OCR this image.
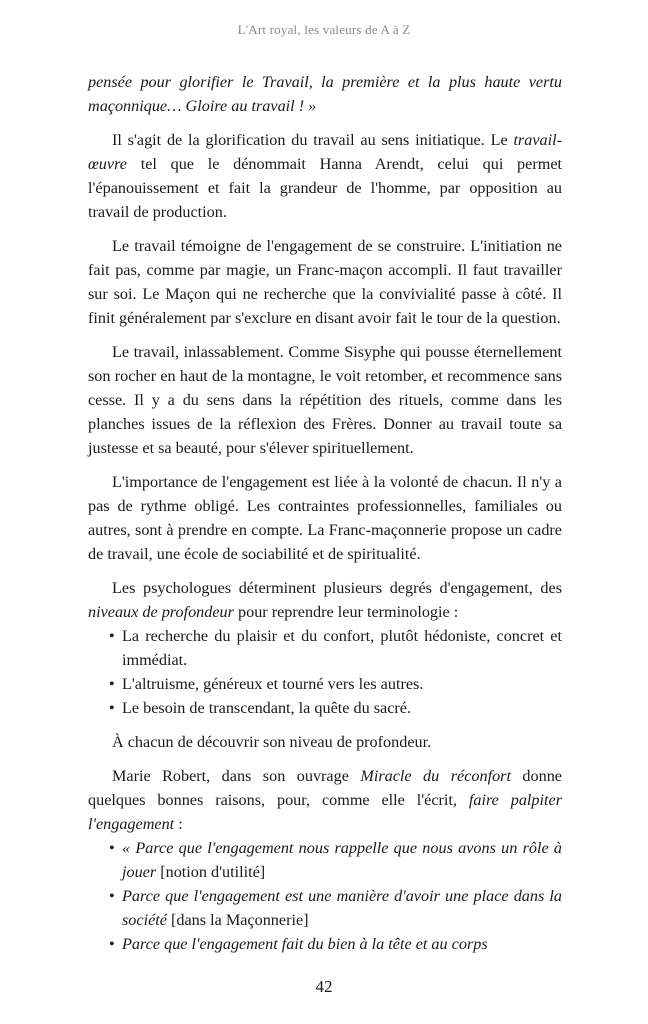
L'Art royal, les valeurs de A à Z

pensée pour glorifier le Travail, la première et la plus haute vertu maçonnique… Gloire au travail ! »

Il s'agit de la glorification du travail au sens initiatique. Le travail-œuvre tel que le dénommait Hanna Arendt, celui qui permet l'épanouissement et fait la grandeur de l'homme, par opposition au travail de production.

Le travail témoigne de l'engagement de se construire. L'initiation ne fait pas, comme par magie, un Franc-maçon accompli. Il faut travailler sur soi. Le Maçon qui ne recherche que la convivialité passe à côté. Il finit généralement par s'exclure en disant avoir fait le tour de la question.

Le travail, inlassablement. Comme Sisyphe qui pousse éternellement son rocher en haut de la montagne, le voit retomber, et recommence sans cesse. Il y a du sens dans la répétition des rituels, comme dans les planches issues de la réflexion des Frères. Donner au travail toute sa justesse et sa beauté, pour s'élever spirituellement.

L'importance de l'engagement est liée à la volonté de chacun. Il n'y a pas de rythme obligé. Les contraintes professionnelles, familiales ou autres, sont à prendre en compte. La Franc-maçonnerie propose un cadre de travail, une école de sociabilité et de spiritualité.

Les psychologues déterminent plusieurs degrés d'engagement, des niveaux de profondeur pour reprendre leur terminologie :

• La recherche du plaisir et du confort, plutôt hédoniste, concret et immédiat.
• L'altruisme, généreux et tourné vers les autres.
• Le besoin de transcendant, la quête du sacré.

À chacun de découvrir son niveau de profondeur.

Marie Robert, dans son ouvrage Miracle du réconfort donne quelques bonnes raisons, pour, comme elle l'écrit, faire palpiter l'engagement :

• « Parce que l'engagement nous rappelle que nous avons un rôle à jouer [notion d'utilité]
• Parce que l'engagement est une manière d'avoir une place dans la société [dans la Maçonnerie]
• Parce que l'engagement fait du bien à la tête et au corps
42
